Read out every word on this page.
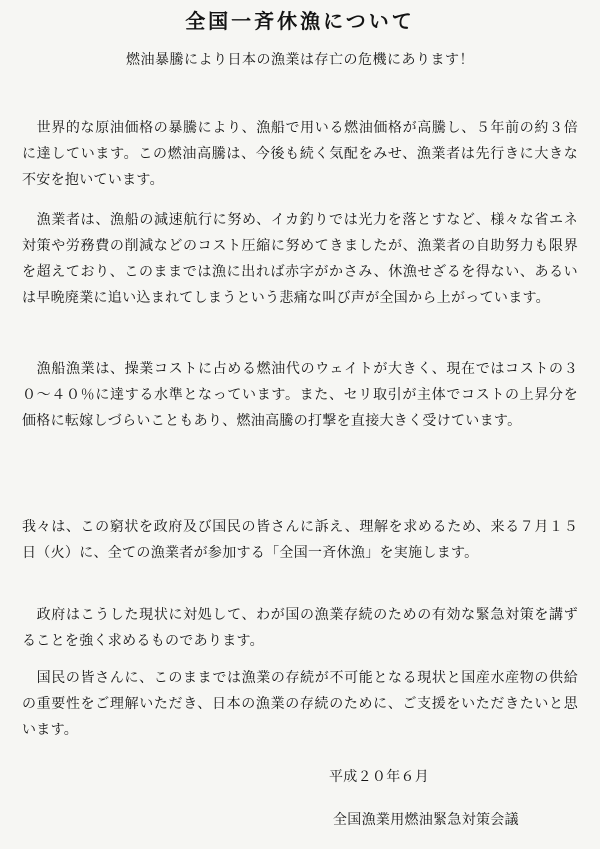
全国一斉休漁について

燃油暴騰により日本の漁業は存亡の危機にあります！

　世界的な原油価格の暴騰により、漁船で用いる燃油価格が高騰し、５年前の約３倍に達しています。この燃油高騰は、今後も続く気配をみせ、漁業者は先行きに大きな不安を抱いています。

　漁業者は、漁船の減速航行に努め、イカ釣りでは光力を落とすなど、様々な省エネ対策や労務費の削減などのコスト圧縮に努めてきましたが、漁業者の自助努力も限界を超えており、このままでは漁に出れば赤字がかさみ、休漁せざるを得ない、あるいは早晩廃業に追い込まれてしまうという悲痛な叫び声が全国から上がっています。

　漁船漁業は、操業コストに占める燃油代のウェイトが大きく、現在ではコストの３０～４０％に達する水準となっています。また、セリ取引が主体でコストの上昇分を価格に転嫁しづらいこともあり、燃油高騰の打撃を直接大きく受けています。

我々は、この窮状を政府及び国民の皆さんに訴え、理解を求めるため、来る７月１５日（火）に、全ての漁業者が参加する「全国一斉休漁」を実施します。

　政府はこうした現状に対処して、わが国の漁業存続のための有効な緊急対策を講ずることを強く求めるものであります。

　国民の皆さんに、このままでは漁業の存続が不可能となる現状と国産水産物の供給の重要性をご理解いただき、日本の漁業の存続のために、ご支援をいただきたいと思います。

平成２０年６月

全国漁業用燃油緊急対策会議
